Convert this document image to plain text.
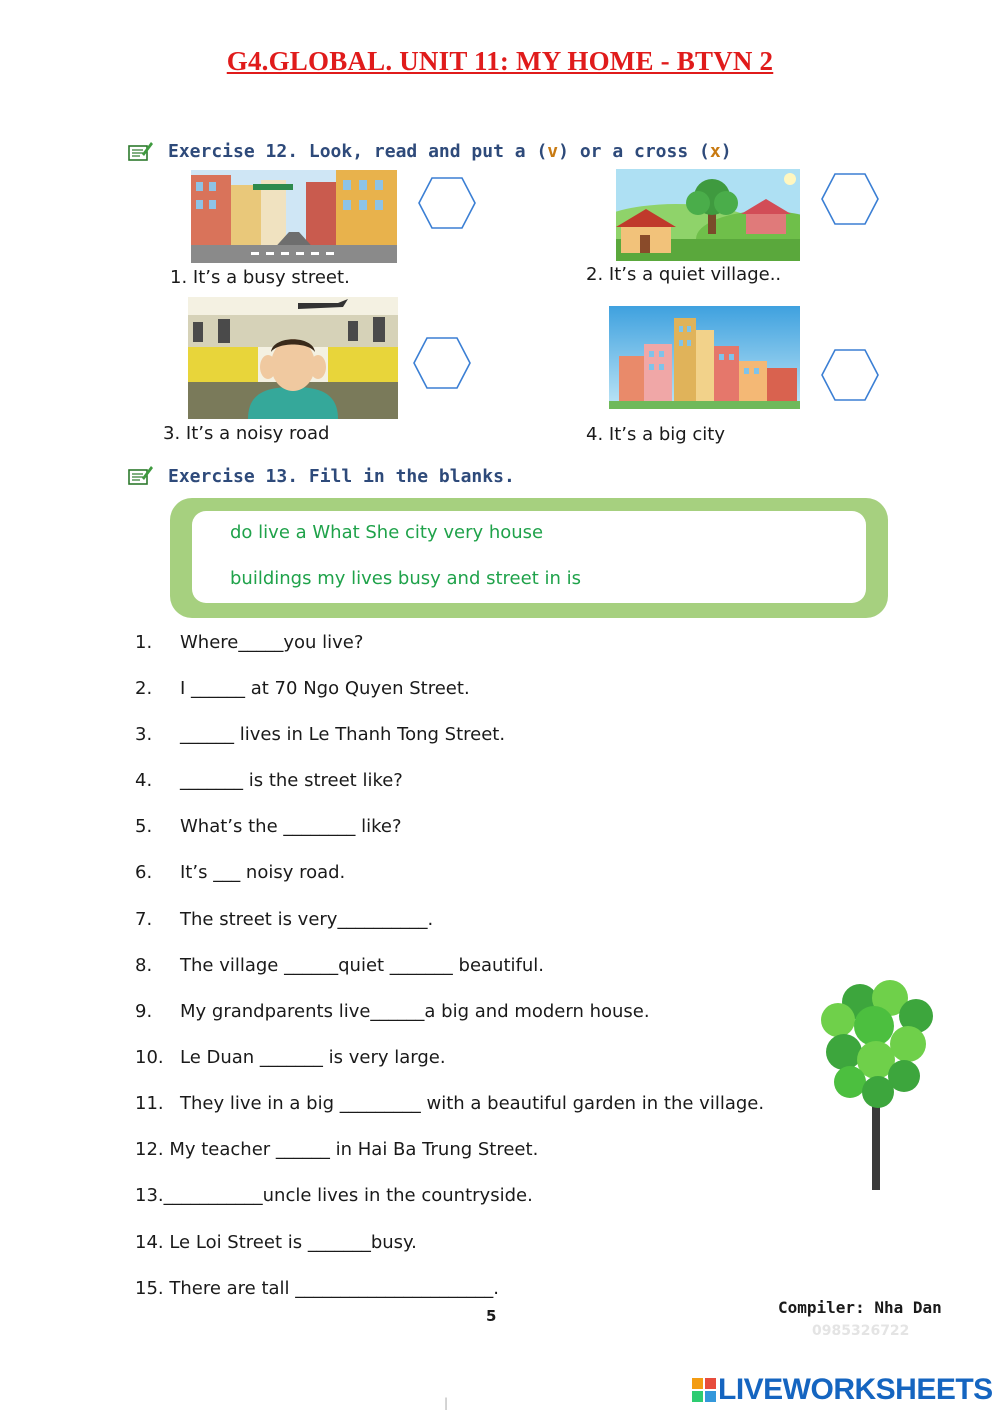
G4.GLOBAL. UNIT 11: MY HOME - BTVN 2
Exercise 12. Look, read and put a (v) or a cross (x)
1. It’s a busy street.	2. It’s a quiet village..
3. It’s a noisy road	4. It’s a big city
Exercise 13. Fill in the blanks.
do live a What She city very house
buildings my lives busy and street in is
1. Where_____you live?
2. I ______ at 70 Ngo Quyen Street.
3. ______ lives in Le Thanh Tong Street.
4. _______ is the street like?
5. What’s the ________ like?
6. It’s ___ noisy road.
7. The street is very__________.
8. The village ______quiet _______ beautiful.
9. My grandparents live______a big and modern house.
10. Le Duan _______ is very large.
11. They live in a big _________ with a beautiful garden in the village.
12. My teacher ______ in Hai Ba Trung Street.
13.___________uncle lives in the countryside.
14. Le Loi Street is _______busy.
15. There are tall ______________________.
5	Compiler: Nha Dan
0985326722
LIVEWORKSHEETS
|
